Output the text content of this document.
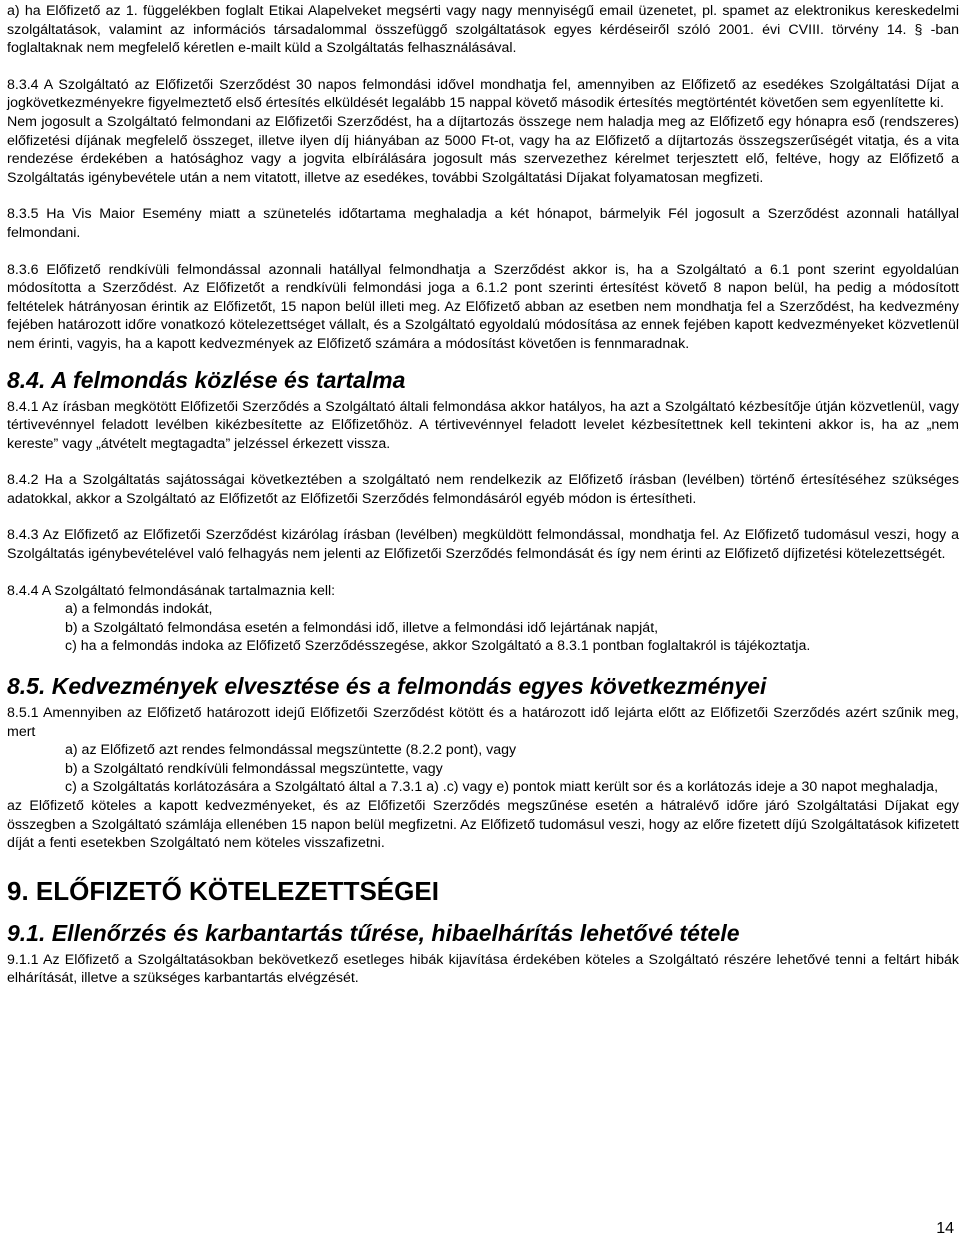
a) ha Előfizető az 1. függelékben foglalt Etikai Alapelveket megsérti vagy nagy mennyiségű email üzenetet, pl. spamet az elektronikus kereskedelmi szolgáltatások, valamint az információs társadalommal összefüggő szolgáltatások egyes kérdéseiről szóló 2001. évi CVIII. törvény 14. § -ban foglaltaknak nem megfelelő kéretlen e-mailt küld a Szolgáltatás felhasználásával.

8.3.4 A Szolgáltató az Előfizetői Szerződést 30 napos felmondási idővel mondhatja fel, amennyiben az Előfizető az esedékes Szolgáltatási Díjat a jogkövetkezményekre figyelmeztető első értesítés elküldését legalább 15 nappal követő második értesítés megtörténtét követően sem egyenlítette ki.

Nem jogosult a Szolgáltató felmondani az Előfizetői Szerződést, ha a díjtartozás összege nem haladja meg az Előfizető egy hónapra eső (rendszeres) előfizetési díjának megfelelő összeget, illetve ilyen díj hiányában az 5000 Ft-ot, vagy ha az Előfizető a díjtartozás összegszerűségét vitatja, és a vita rendezése érdekében a hatósághoz vagy a jogvita elbírálására jogosult más szervezethez kérelmet terjesztett elő, feltéve, hogy az Előfizető a Szolgáltatás igénybevétele után a nem vitatott, illetve az esedékes, további Szolgáltatási Díjakat folyamatosan megfizeti.

8.3.5 Ha Vis Maior Esemény miatt a szünetelés időtartama meghaladja a két hónapot, bármelyik Fél jogosult a Szerződést azonnali hatállyal felmondani.

8.3.6 Előfizető rendkívüli felmondással azonnali hatállyal felmondhatja a Szerződést akkor is, ha a Szolgáltató a 6.1 pont szerint egyoldalúan módosította a Szerződést. Az Előfizetőt a rendkívüli felmondási joga a 6.1.2 pont szerinti értesítést követő 8 napon belül, ha pedig a módosított feltételek hátrányosan érintik az Előfizetőt, 15 napon belül illeti meg. Az Előfizető abban az esetben nem mondhatja fel a Szerződést, ha kedvezmény fejében határozott időre vonatkozó kötelezettséget vállalt, és a Szolgáltató egyoldalú módosítása az ennek fejében kapott kedvezményeket közvetlenül nem érinti, vagyis, ha a kapott kedvezmények az Előfizető számára a módosítást követően is fennmaradnak.

8.4. A felmondás közlése és tartalma

8.4.1 Az írásban megkötött Előfizetői Szerződés a Szolgáltató általi felmondása akkor hatályos, ha azt a Szolgáltató kézbesítője útján közvetlenül, vagy tértivevénnyel feladott levélben kikézbesítette az Előfizetőhöz. A tértivevénnyel feladott levelet kézbesítettnek kell tekinteni akkor is, ha az „nem kereste” vagy „átvételt megtagadta” jelzéssel érkezett vissza.

8.4.2 Ha a Szolgáltatás sajátosságai következtében a szolgáltató nem rendelkezik az Előfizető írásban (levélben) történő értesítéséhez szükséges adatokkal, akkor a Szolgáltató az Előfizetőt az Előfizetői Szerződés felmondásáról egyéb módon is értesítheti.

8.4.3 Az Előfizető az Előfizetői Szerződést kizárólag írásban (levélben) megküldött felmondással, mondhatja fel. Az Előfizető tudomásul veszi, hogy a Szolgáltatás igénybevételével való felhagyás nem jelenti az Előfizetői Szerződés felmondását és így nem érinti az Előfizető díjfizetési kötelezettségét.

8.4.4 A Szolgáltató felmondásának tartalmaznia kell:

a) a felmondás indokát,

b) a Szolgáltató felmondása esetén a felmondási idő, illetve a felmondási idő lejártának napját,

c) ha a felmondás indoka az Előfizető Szerződésszegése, akkor Szolgáltató a 8.3.1 pontban foglaltakról is tájékoztatja.

8.5. Kedvezmények elvesztése és a felmondás egyes következményei

8.5.1 Amennyiben az Előfizető határozott idejű Előfizetői Szerződést kötött és a határozott idő lejárta előtt az Előfizetői Szerződés azért szűnik meg, mert

a) az Előfizető azt rendes felmondással megszüntette (8.2.2 pont), vagy

b) a Szolgáltató rendkívüli felmondással megszüntette, vagy

c) a Szolgáltatás korlátozására a Szolgáltató által a 7.3.1 a) .c) vagy e) pontok miatt került sor és a korlátozás ideje a 30 napot meghaladja,

az Előfizető köteles a kapott kedvezményeket, és az Előfizetői Szerződés megszűnése esetén a hátralévő időre járó Szolgáltatási Díjakat egy összegben a Szolgáltató számlája ellenében 15 napon belül megfizetni. Az Előfizető tudomásul veszi, hogy az előre fizetett díjú Szolgáltatások kifizetett díját a fenti esetekben Szolgáltató nem köteles visszafizetni.

9. ELŐFIZETŐ KÖTELEZETTSÉGEI
9.1. Ellenőrzés és karbantartás tűrése, hibaelhárítás lehetővé tétele

9.1.1 Az Előfizető a Szolgáltatásokban bekövetkező esetleges hibák kijavítása érdekében köteles a Szolgáltató részére lehetővé tenni a feltárt hibák elhárítását, illetve a szükséges karbantartás elvégzését.

14
